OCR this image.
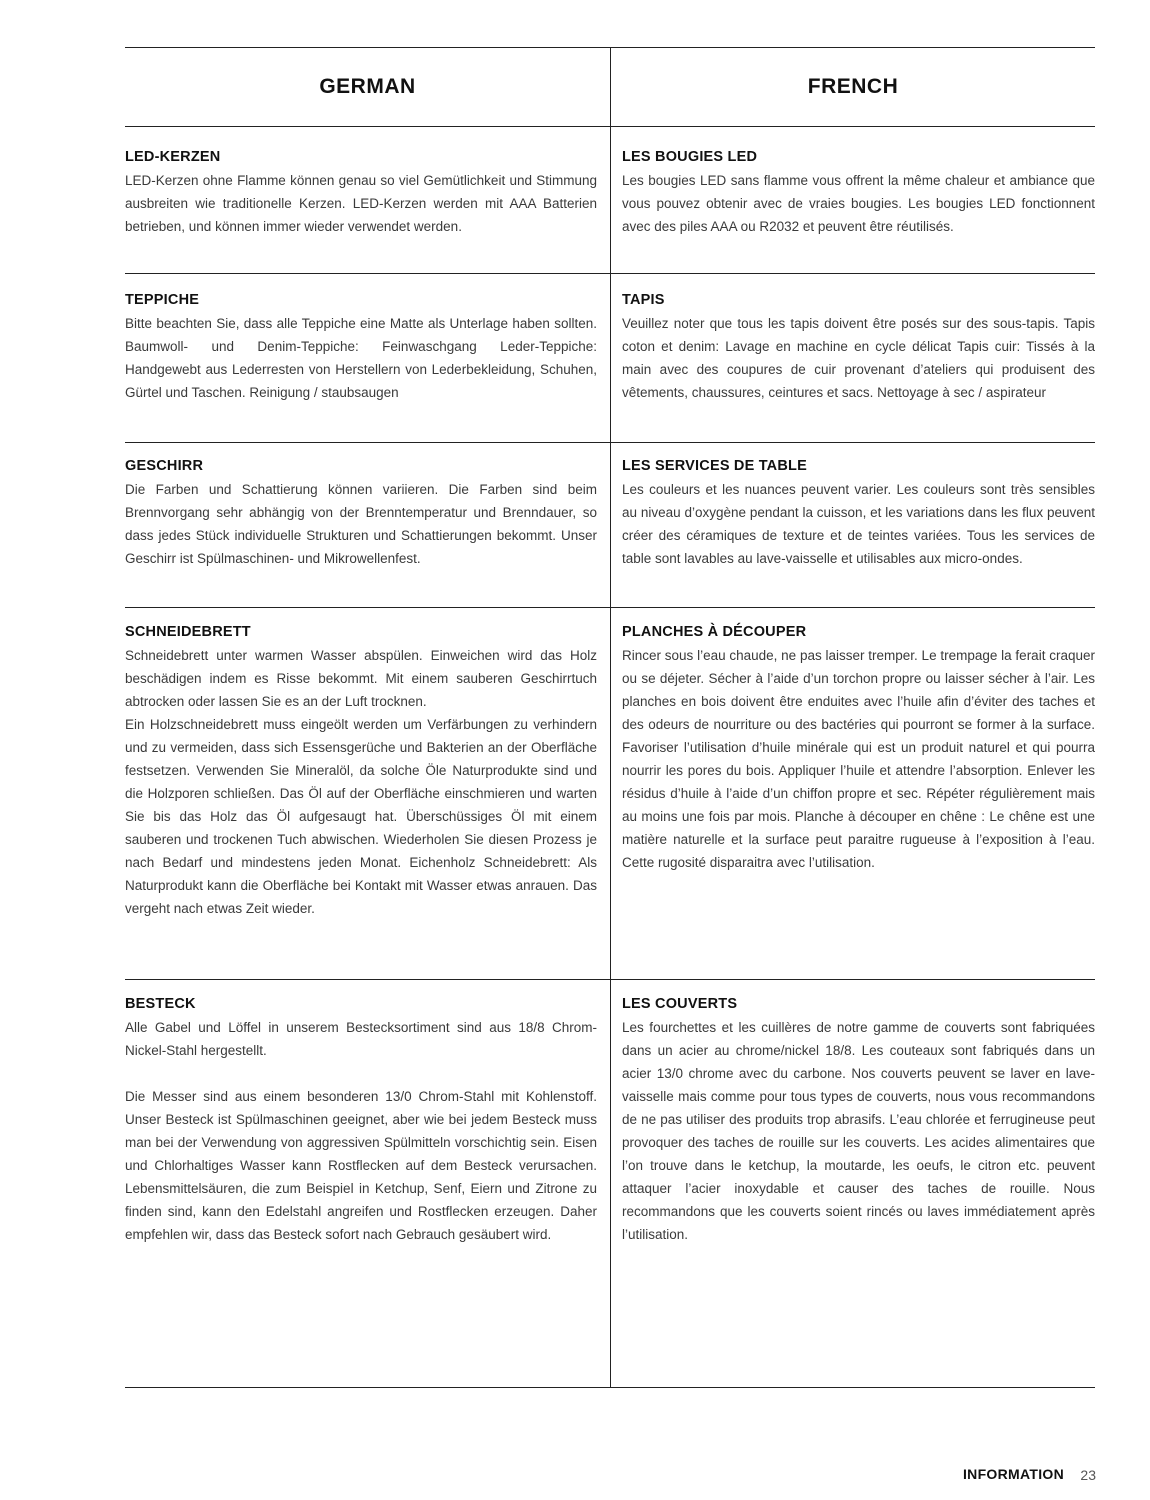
GERMAN	FRENCH
LED-KERZEN
LED-Kerzen ohne Flamme können genau so viel Gemütlichkeit und Stimmung ausbreiten wie traditionelle Kerzen. LED-Kerzen werden mit AAA Batterien betrieben, und können immer wieder verwendet werden.
LES BOUGIES LED
Les bougies LED sans flamme vous offrent la même chaleur et ambiance que vous pouvez obtenir avec de vraies bougies. Les bougies LED fonctionnent avec des piles AAA ou R2032 et peuvent être réutilisés.
TEPPICHE
Bitte beachten Sie, dass alle Teppiche eine Matte als Unterlage haben sollten. Baumwoll- und Denim-Teppiche: Feinwaschgang Leder-Teppiche: Handgewebt aus Lederresten von Herstellern von Lederbekleidung, Schuhen, Gürtel und Taschen. Reinigung / staubsaugen
TAPIS
Veuillez noter que tous les tapis doivent être posés sur des sous-tapis. Tapis coton et denim: Lavage en machine en cycle délicat Tapis cuir: Tissés à la main avec des coupures de cuir provenant d’ateliers qui produisent des vêtements, chaussures, ceintures et sacs. Nettoyage à sec / aspirateur
GESCHIRR
Die Farben und Schattierung können variieren. Die Farben sind beim Brennvorgang sehr abhängig von der Brenntemperatur und Brenndauer, so dass jedes Stück individuelle Strukturen und Schattierungen bekommt. Unser Geschirr ist Spülmaschinen- und Mikrowellenfest.
LES SERVICES DE TABLE
Les couleurs et les nuances peuvent varier. Les couleurs sont très sensibles au niveau d’oxygène pendant la cuisson, et les variations dans les flux peuvent créer des céramiques de texture et de teintes variées. Tous les services de table sont lavables au lave-vaisselle et utilisables aux micro-ondes.
SCHNEIDEBRETT
Schneidebrett unter warmen Wasser abspülen. Einweichen wird das Holz beschädigen indem es Risse bekommt. Mit einem sauberen Geschirrtuch abtrocken oder lassen Sie es an der Luft trocknen.
Ein Holzschneidebrett muss eingeölt werden um Verfärbungen zu verhindern und zu vermeiden, dass sich Essensgerüche und Bakterien an der Oberfläche festsetzen. Verwenden Sie Mineralöl, da solche Öle Naturprodukte sind und die Holzporen schließen. Das Öl auf der Oberfläche einschmieren und warten Sie bis das Holz das Öl aufgesaugt hat. Überschüssiges Öl mit einem sauberen und trockenen Tuch abwischen. Wiederholen Sie diesen Prozess je nach Bedarf und mindestens jeden Monat. Eichenholz Schneidebrett: Als Naturprodukt kann die Oberfläche bei Kontakt mit Wasser etwas anrauen. Das vergeht nach etwas Zeit wieder.
PLANCHES À DÉCOUPER
Rincer sous l’eau chaude, ne pas laisser tremper. Le trempage la ferait craquer ou se déjeter. Sécher à l’aide d’un torchon propre ou laisser sécher à l’air. Les planches en bois doivent être enduites avec l’huile afin d’éviter des taches et des odeurs de nourriture ou des bactéries qui pourront se former à la surface. Favoriser l’utilisation d’huile minérale qui est un produit naturel et qui pourra nourrir les pores du bois. Appliquer l’huile et attendre l’absorption. Enlever les résidus d’huile à l’aide d’un chiffon propre et sec. Répéter régulièrement mais au moins une fois par mois. Planche à découper en chêne : Le chêne est une matière naturelle et la surface peut paraitre rugueuse à l’exposition à l’eau. Cette rugosité disparaitra avec l’utilisation.
BESTECK
Alle Gabel und Löffel in unserem Bestecksortiment sind aus 18/8 Chrom-Nickel-Stahl hergestellt.

Die Messer sind aus einem besonderen 13/0 Chrom-Stahl mit Kohlenstoff. Unser Besteck ist Spülmaschinen geeignet, aber wie bei jedem Besteck muss man bei der Verwendung von aggressiven Spülmitteln vorschichtig sein. Eisen und Chlorhaltiges Wasser kann Rostflecken auf dem Besteck verursachen. Lebensmittelsäuren, die zum Beispiel in Ketchup, Senf, Eiern und Zitrone zu finden sind, kann den Edelstahl angreifen und Rostflecken erzeugen. Daher empfehlen wir, dass das Besteck sofort nach Gebrauch gesäubert wird.
LES COUVERTS
Les fourchettes et les cuillères de notre gamme de couverts sont fabriquées dans un acier au chrome/nickel 18/8. Les couteaux sont fabriqués dans un acier 13/0 chrome avec du carbone. Nos couverts peuvent se laver en lave-vaisselle mais comme pour tous types de couverts, nous vous recommandons de ne pas utiliser des produits trop abrasifs. L’eau chlorée et ferrugineuse peut provoquer des taches de rouille sur les couverts. Les acides alimentaires que l’on trouve dans le ketchup, la moutarde, les oeufs, le citron etc. peuvent attaquer l’acier inoxydable et causer des taches de rouille. Nous recommandons que les couverts soient rincés ou laves immédiatement après l’utilisation.
INFORMATION	23
